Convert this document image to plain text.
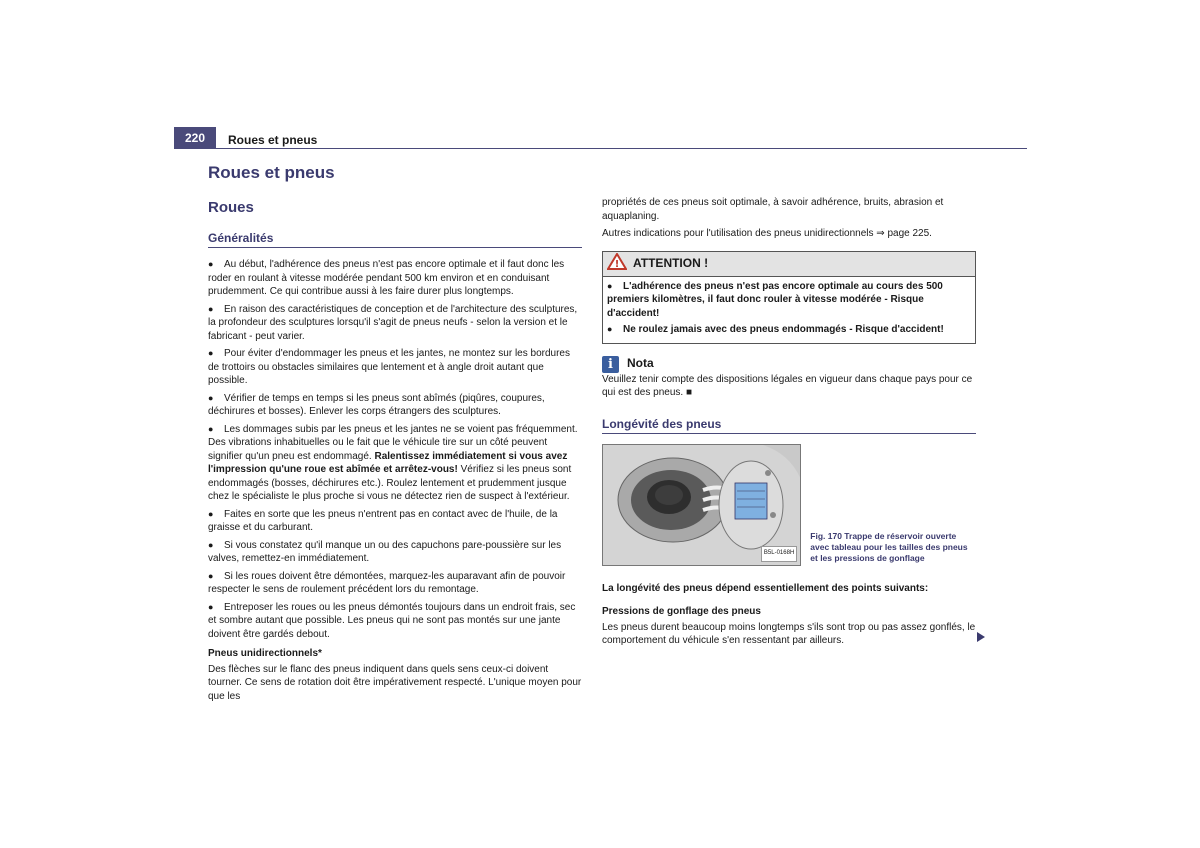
220	Roues et pneus
Roues et pneus
Roues
Généralités

● Au début, l'adhérence des pneus n'est pas encore optimale et il faut donc les roder en roulant à vitesse modérée pendant 500 km environ et en conduisant prudemment. Ce qui contribue aussi à les faire durer plus longtemps.

● En raison des caractéristiques de conception et de l'architecture des sculptures, la profondeur des sculptures lorsqu'il s'agit de pneus neufs - selon la version et le fabricant - peut varier.

● Pour éviter d'endommager les pneus et les jantes, ne montez sur les bordures de trottoirs ou obstacles similaires que lentement et à angle droit autant que possible.

● Vérifier de temps en temps si les pneus sont abîmés (piqûres, coupures, déchirures et bosses). Enlever les corps étrangers des sculptures.

● Les dommages subis par les pneus et les jantes ne se voient pas fréquemment. Des vibrations inhabituelles ou le fait que le véhicule tire sur un côté peuvent signifier qu'un pneu est endommagé. Ralentissez immédiatement si vous avez l'impression qu'une roue est abîmée et arrêtez-vous! Vérifiez si les pneus sont endommagés (bosses, déchirures etc.). Roulez lentement et prudemment jusque chez le spécialiste le plus proche si vous ne détectez rien de suspect à l'extérieur.

● Faites en sorte que les pneus n'entrent pas en contact avec de l'huile, de la graisse et du carburant.

● Si vous constatez qu'il manque un ou des capuchons pare-poussière sur les valves, remettez-en immédiatement.

● Si les roues doivent être démontées, marquez-les auparavant afin de pouvoir respecter le sens de roulement précédent lors du remontage.

● Entreposer les roues ou les pneus démontés toujours dans un endroit frais, sec et sombre autant que possible. Les pneus qui ne sont pas montés sur une jante doivent être gardés debout.

Pneus unidirectionnels*

Des flèches sur le flanc des pneus indiquent dans quels sens ceux-ci doivent tourner. Ce sens de rotation doit être impérativement respecté. L'unique moyen pour que les

propriétés de ces pneus soit optimale, à savoir adhérence, bruits, abrasion et aquaplaning.

Autres indications pour l'utilisation des pneus unidirectionnels ⇒ page 225.

! ATTENTION !

● L'adhérence des pneus n'est pas encore optimale au cours des 500 premiers kilomètres, il faut donc rouler à vitesse modérée - Risque d'accident!

● Ne roulez jamais avec des pneus endommagés - Risque d'accident!

i	Nota

Veuillez tenir compte des dispositions légales en vigueur dans chaque pays pour ce qui est des pneus. ■

Longévité des pneus
B5L-0168H
Fig. 170 Trappe de réservoir ouverte avec tableau pour les tailles des pneus et les pressions de gonflage

La longévité des pneus dépend essentiellement des points suivants:

Pressions de gonflage des pneus

Les pneus durent beaucoup moins longtemps s'ils sont trop ou pas assez gonflés, le comportement du véhicule s'en ressentant par ailleurs.
